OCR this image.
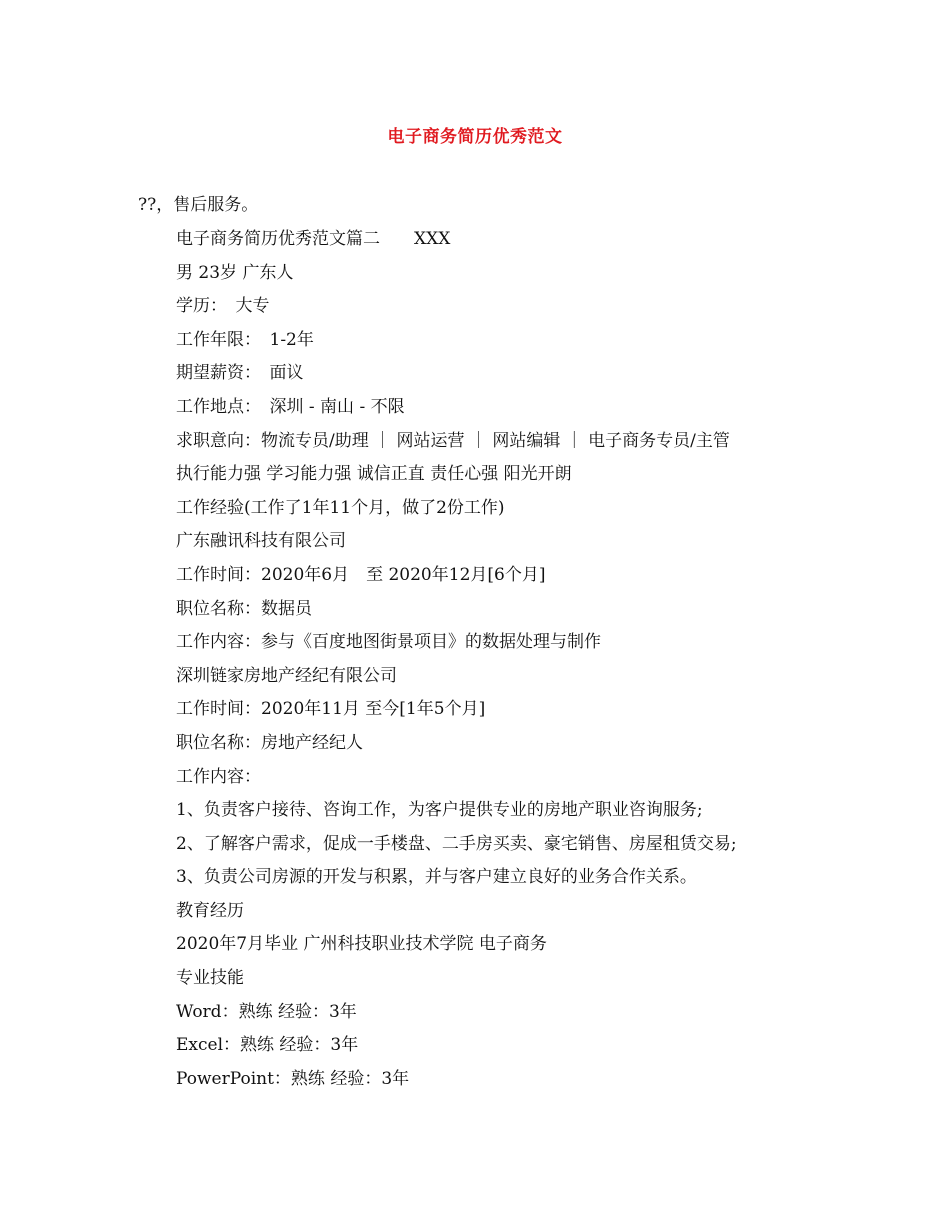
电子商务简历优秀范文
??，售后服务。
电子商务简历优秀范文篇二　　XXX
男 23岁 广东人
学历：　大专
工作年限：　1-2年
期望薪资：　面议
工作地点：　深圳 - 南山 - 不限
求职意向：物流专员/助理 ｜ 网站运营 ｜ 网站编辑 ｜ 电子商务专员/主管
执行能力强 学习能力强 诚信正直 责任心强 阳光开朗
工作经验(工作了1年11个月，做了2份工作)
广东融讯科技有限公司
工作时间：2020年6月　至 2020年12月[6个月]
职位名称：数据员
工作内容：参与《百度地图街景项目》的数据处理与制作
深圳链家房地产经纪有限公司
工作时间：2020年11月 至今[1年5个月]
职位名称：房地产经纪人
工作内容：
1、负责客户接待、咨询工作，为客户提供专业的房地产职业咨询服务;
2、了解客户需求，促成一手楼盘、二手房买卖、豪宅销售、房屋租赁交易;
3、负责公司房源的开发与积累，并与客户建立良好的业务合作关系。
教育经历
2020年7月毕业 广州科技职业技术学院 电子商务
专业技能
Word：熟练 经验：3年
Excel：熟练 经验：3年
PowerPoint：熟练 经验：3年
